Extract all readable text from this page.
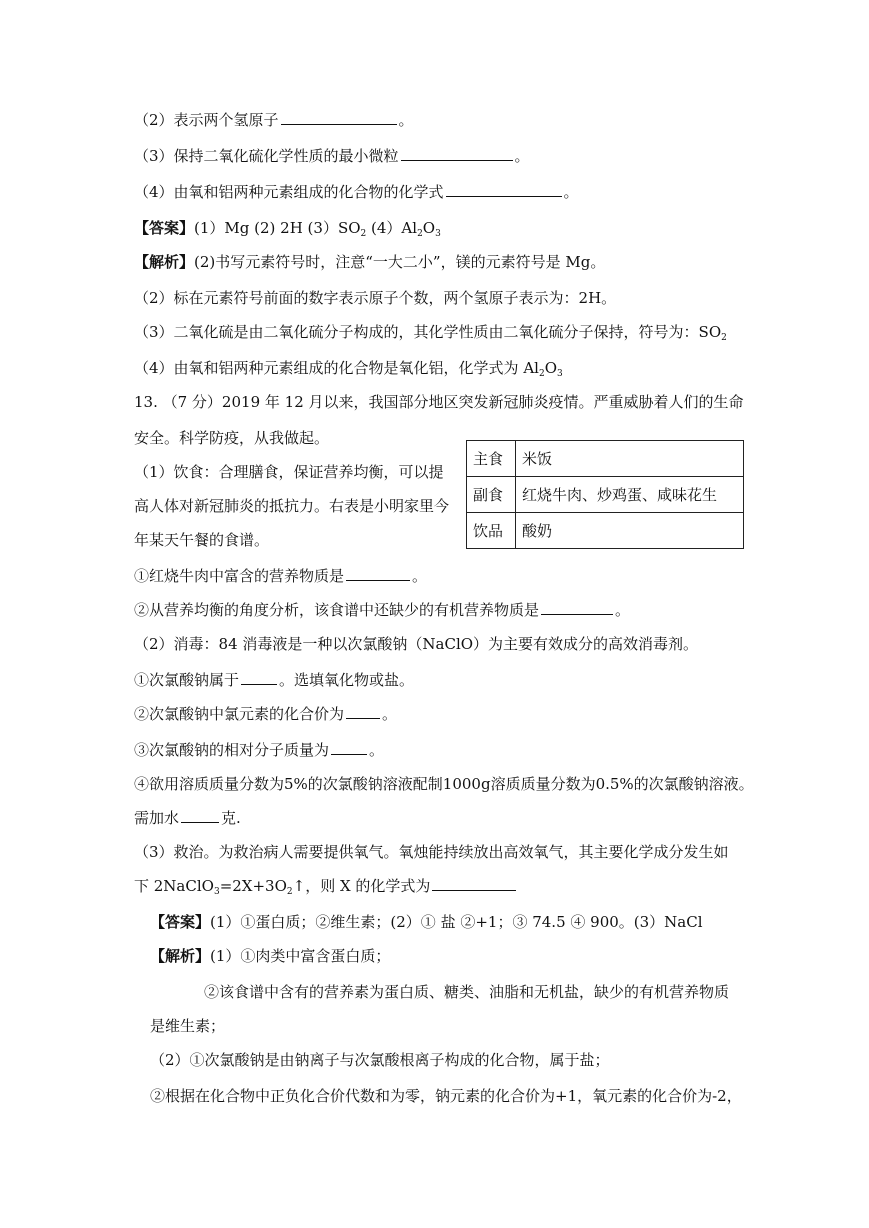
（2）表示两个氢原子	。
（3）保持二氧化硫化学性质的最小微粒	。
（4）由氧和铝两种元素组成的化合物的化学式	。
【答案】(1）Mg (2) 2H $(3)SO_2$ $(4)Al_2O_3$
【解析】(2)书写元素符号时，注意“一大二小”，镁的元素符号是 Mg。
（2）标在元素符号前面的数字表示原子个数，两个氢原子表示为：2H。
（3）二氧化硫是由二氧化硫分子构成的，其化学性质由二氧化硫分子保持，符号为：$SO_2$
（4）由氧和铝两种元素组成的化合物是氧化铝，化学式为 $Al_2O_3$
13. （7 分）2019 年 12 月以来，我国部分地区突发新冠肺炎疫情。严重威胁着人们的生命
安全。科学防疫，从我做起。
（1）饮食：合理膳食，保证营养均衡，可以提
高人体对新冠肺炎的抵抗力。右表是小明家里今
年某天午餐的食谱。
主食	米饭
副食	红烧牛肉、炒鸡蛋、咸味花生
饮品	酸奶
①红烧牛肉中富含的营养物质是	。
②从营养均衡的角度分析，该食谱中还缺少的有机营养物质是	。
（2）消毒：84 消毒液是一种以次氯酸钠（NaClO）为主要有效成分的高效消毒剂。
①次氯酸钠属于	。选填氧化物或盐。
②次氯酸钠中氯元素的化合价为	。
③次氯酸钠的相对分子质量为	。
④欲用溶质质量分数为5%的次氯酸钠溶液配制1000g溶质质量分数为0.5%的次氯酸钠溶液。
需加水	克.
（3）救治。为救治病人需要提供氧气。氧烛能持续放出高效氧气，其主要化学成分发生如
下 $2NaClO_3=2X+3O_2↑$，则 X 的化学式为
【答案】(1）①蛋白质；②维生素；(2）① 盐 ②+1；③ 74.5 ④ 900。(3）NaCl
【解析】(1）①肉类中富含蛋白质；
②该食谱中含有的营养素为蛋白质、糖类、油脂和无机盐，缺少的有机营养物质
是维生素；
（2）①次氯酸钠是由钠离子与次氯酸根离子构成的化合物，属于盐；
②根据在化合物中正负化合价代数和为零，钠元素的化合价为+1，氧元素的化合价为-2，
